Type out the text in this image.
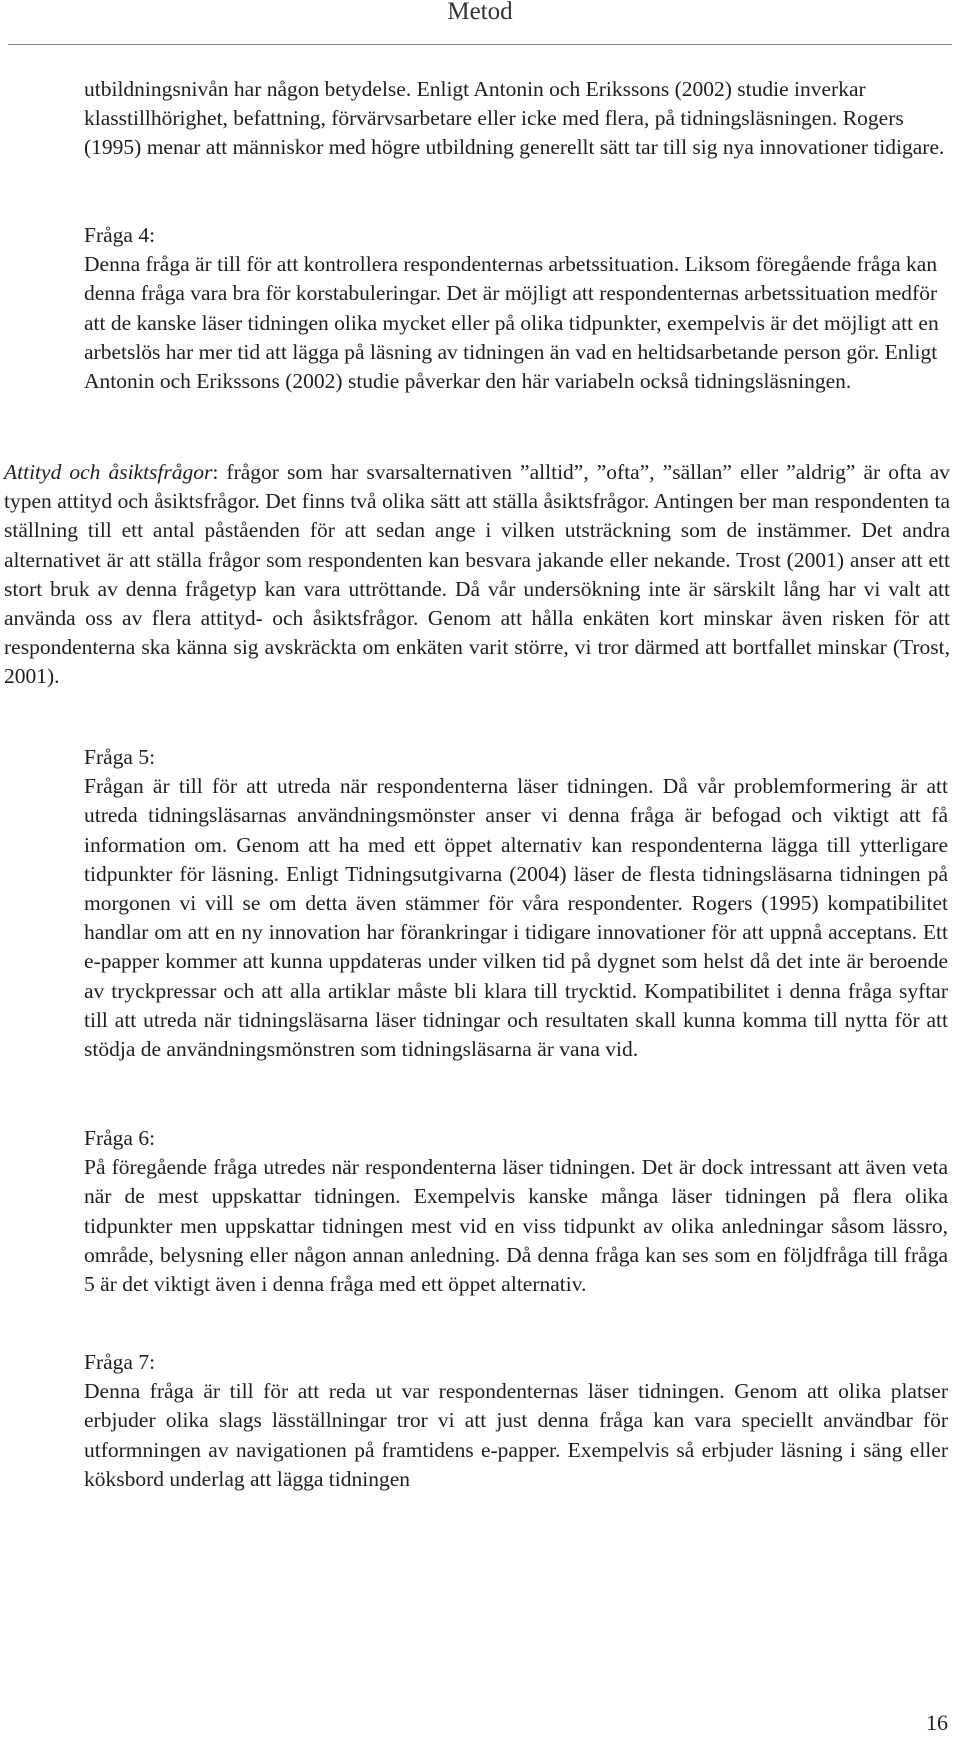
Metod

utbildningsnivån har någon betydelse. Enligt Antonin och Erikssons (2002) studie inverkar klasstillhörighet, befattning, förvärvsarbetare eller icke med flera, på tidningsläsningen. Rogers (1995) menar att människor med högre utbildning generellt sätt tar till sig nya innovationer tidigare.

Fråga 4:
Denna fråga är till för att kontrollera respondenternas arbetssituation. Liksom föregående fråga kan denna fråga vara bra för korstabuleringar. Det är möjligt att respondenternas arbetssituation medför att de kanske läser tidningen olika mycket eller på olika tidpunkter, exempelvis är det möjligt att en arbetslös har mer tid att lägga på läsning av tidningen än vad en heltidsarbetande person gör. Enligt Antonin och Erikssons (2002) studie påverkar den här variabeln också tidningsläsningen.

Attityd och åsiktsfrågor: frågor som har svarsalternativen ”alltid”, ”ofta”, ”sällan” eller ”aldrig” är ofta av typen attityd och åsiktsfrågor. Det finns två olika sätt att ställa åsiktsfrågor. Antingen ber man respondenten ta ställning till ett antal påståenden för att sedan ange i vilken utsträckning som de instämmer. Det andra alternativet är att ställa frågor som respondenten kan besvara jakande eller nekande. Trost (2001) anser att ett stort bruk av denna frågetyp kan vara uttröttande. Då vår undersökning inte är särskilt lång har vi valt att använda oss av flera attityd- och åsiktsfrågor. Genom att hålla enkäten kort minskar även risken för att respondenterna ska känna sig avskräckta om enkäten varit större, vi tror därmed att bortfallet minskar (Trost, 2001).

Fråga 5:
Frågan är till för att utreda när respondenterna läser tidningen. Då vår problemformering är att utreda tidningsläsarnas användningsmönster anser vi denna fråga är befogad och viktigt att få information om. Genom att ha med ett öppet alternativ kan respondenterna lägga till ytterligare tidpunkter för läsning. Enligt Tidningsutgivarna (2004) läser de flesta tidningsläsarna tidningen på morgonen vi vill se om detta även stämmer för våra respondenter. Rogers (1995) kompatibilitet handlar om att en ny innovation har förankringar i tidigare innovationer för att uppnå acceptans. Ett e-papper kommer att kunna uppdateras under vilken tid på dygnet som helst då det inte är beroende av tryckpressar och att alla artiklar måste bli klara till trycktid. Kompatibilitet i denna fråga syftar till att utreda när tidningsläsarna läser tidningar och resultaten skall kunna komma till nytta för att stödja de användningsmönstren som tidningsläsarna är vana vid.
Fråga 6:
På föregående fråga utredes när respondenterna läser tidningen. Det är dock intressant att även veta när de mest uppskattar tidningen. Exempelvis kanske många läser tidningen på flera olika tidpunkter men uppskattar tidningen mest vid en viss tidpunkt av olika anledningar såsom lässro, område, belysning eller någon annan anledning. Då denna fråga kan ses som en följdfråga till fråga 5 är det viktigt även i denna fråga med ett öppet alternativ.
Fråga 7:
Denna fråga är till för att reda ut var respondenternas läser tidningen. Genom att olika platser erbjuder olika slags läsställningar tror vi att just denna fråga kan vara speciellt användbar för utformningen av navigationen på framtidens e-papper. Exempelvis så erbjuder läsning i säng eller köksbord underlag att lägga tidningen
16
